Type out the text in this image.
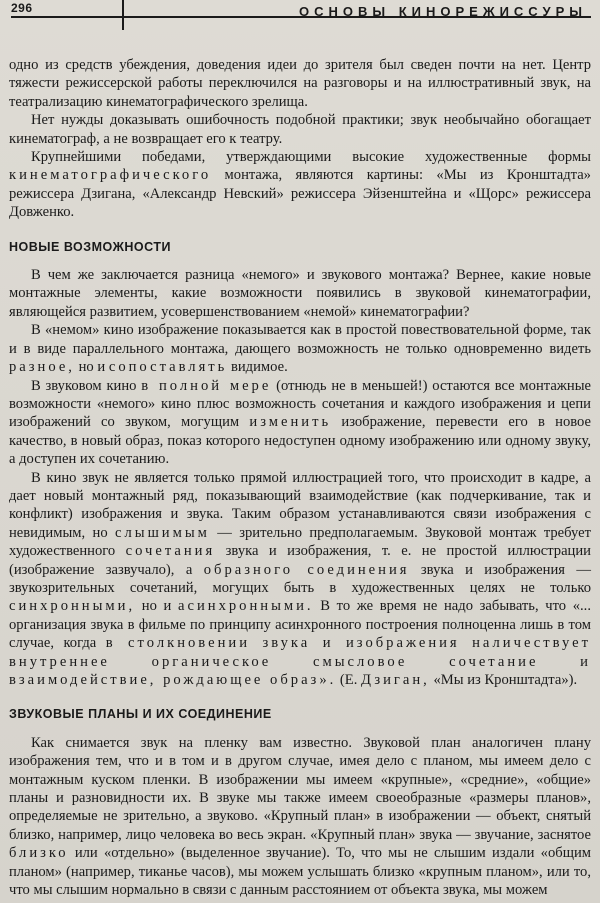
296	ОСНОВЫ КИНОРЕЖИССУРЫ

одно из средств убеждения, доведения идеи до зрителя был сведен почти на нет. Центр тяжести режиссерской работы переключился на разговоры и на иллюстративный звук, на театрализацию кинематографического зрелища.

Нет нужды доказывать ошибочность подобной практики; звук необычайно обогащает кинематограф, а не возвращает его к театру.

Крупнейшими победами, утверждающими высокие художественные формы кинематографического монтажа, являются картины: «Мы из Кронштадта» режиссера Дзигана, «Александр Невский» режиссера Эйзенштейна и «Щорс» режиссера Довженко.

НОВЫЕ ВОЗМОЖНОСТИ

В чем же заключается разница «немого» и звукового монтажа? Вернее, какие новые монтажные элементы, какие возможности появились в звуковой кинематографии, являющейся развитием, усовершенствованием «немой» кинематографии?

В «немом» кино изображение показывается как в простой повествовательной форме, так и в виде параллельного монтажа, дающего возможность не только одновременно видеть разное, но и сопоставлять видимое.

В звуковом кино в полной мере (отнюдь не в меньшей!) остаются все монтажные возможности «немого» кино плюс возможность сочетания и каждого изображения и цепи изображений со звуком, могущим изменить изображение, перевести его в новое качество, в новый образ, показ которого недоступен одному изображению или одному звуку, а доступен их сочетанию.

В кино звук не является только прямой иллюстрацией того, что происходит в кадре, а дает новый монтажный ряд, показывающий взаимодействие (как подчеркивание, так и конфликт) изображения и звука. Таким образом устанавливаются связи изображения с невидимым, но слышимым — зрительно предполагаемым. Звуковой монтаж требует художественного сочетания звука и изображения, т. е. не простой иллюстрации (изображение зазвучало), а образного соединения звука и изображения — звукозрительных сочетаний, могущих быть в художественных целях не только синхронными, но и асинхронными. В то же время не надо забывать, что «... организация звука в фильме по принципу асинхронного построения полноценна лишь в том случае, когда в столкновении звука и изображения наличествует внутреннее органическое смысловое сочетание и взаимодействие, рождающее образ». (Е. Дзиган, «Мы из Кронштадта»).

ЗВУКОВЫЕ ПЛАНЫ И ИХ СОЕДИНЕНИЕ

Как снимается звук на пленку вам известно. Звуковой план аналогичен плану изображения тем, что и в том и в другом случае, имея дело с планом, мы имеем дело с монтажным куском пленки. В изображении мы имеем «крупные», «средние», «общие» планы и разновидности их. В звуке мы также имеем своеобразные «размеры планов», определяемые не зрительно, а звуково. «Крупный план» в изображении — объект, снятый близко, например, лицо человека во весь экран. «Крупный план» звука — звучание, заснятое близко или «отдельно» (выделенное звучание). То, что мы не слышим издали «общим планом» (например, тиканье часов), мы можем услышать близко «крупным планом», или то, что мы слышим нормально в связи с данным расстоянием от объекта звука, мы можем
